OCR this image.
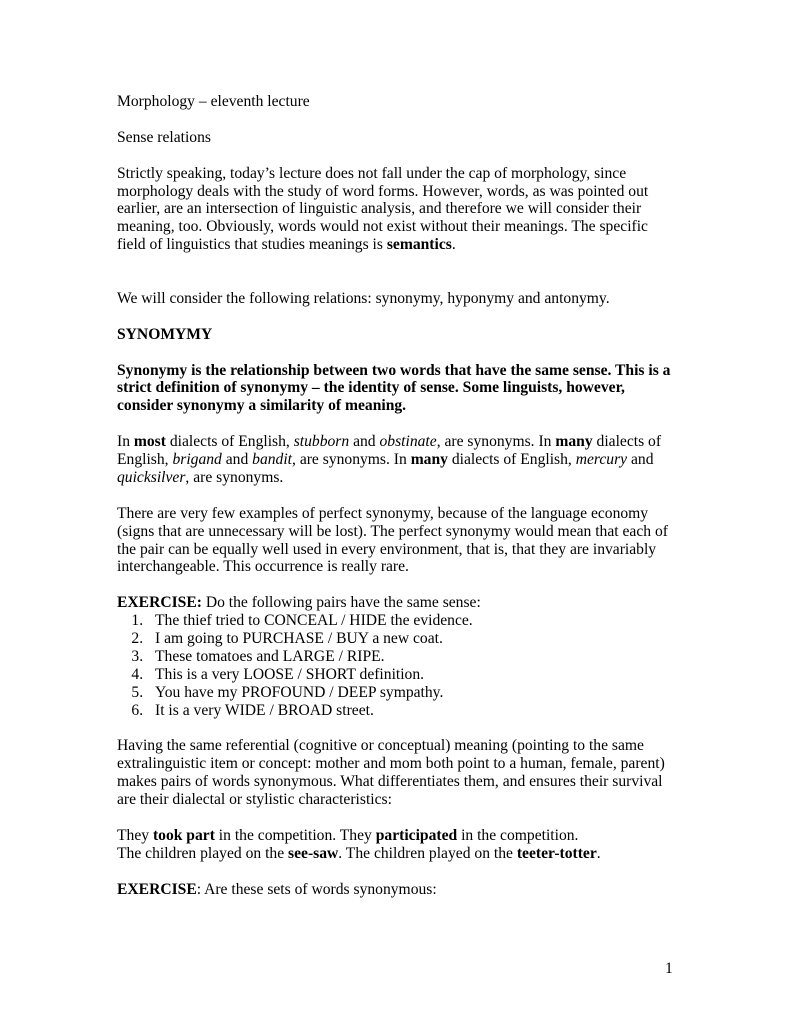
Morphology – eleventh lecture

Sense relations

Strictly speaking, today’s lecture does not fall under the cap of morphology, since morphology deals with the study of word forms. However, words, as was pointed out earlier, are an intersection of linguistic analysis, and therefore we will consider their meaning, too. Obviously, words would not exist without their meanings. The specific field of linguistics that studies meanings is semantics.

We will consider the following relations: synonymy, hyponymy and antonymy.

SYNOMYMY

Synonymy is the relationship between two words that have the same sense. This is a strict definition of synonymy – the identity of sense. Some linguists, however, consider synonymy a similarity of meaning.

In most dialects of English, stubborn and obstinate, are synonyms. In many dialects of English, brigand and bandit, are synonyms. In many dialects of English, mercury and quicksilver, are synonyms.

There are very few examples of perfect synonymy, because of the language economy (signs that are unnecessary will be lost). The perfect synonymy would mean that each of the pair can be equally well used in every environment, that is, that they are invariably interchangeable. This occurrence is really rare.

EXERCISE: Do the following pairs have the same sense:

1. The thief tried to CONCEAL / HIDE the evidence.
2. I am going to PURCHASE / BUY a new coat.
3. These tomatoes and LARGE / RIPE.
4. This is a very LOOSE / SHORT definition.
5. You have my PROFOUND / DEEP sympathy.
6. It is a very WIDE / BROAD street.

Having the same referential (cognitive or conceptual) meaning (pointing to the same extralinguistic item or concept: mother and mom both point to a human, female, parent) makes pairs of words synonymous. What differentiates them, and ensures their survival are their dialectal or stylistic characteristics:

They took part in the competition. They participated in the competition.

The children played on the see-saw. The children played on the teeter-totter.

EXERCISE: Are these sets of words synonymous:

1
